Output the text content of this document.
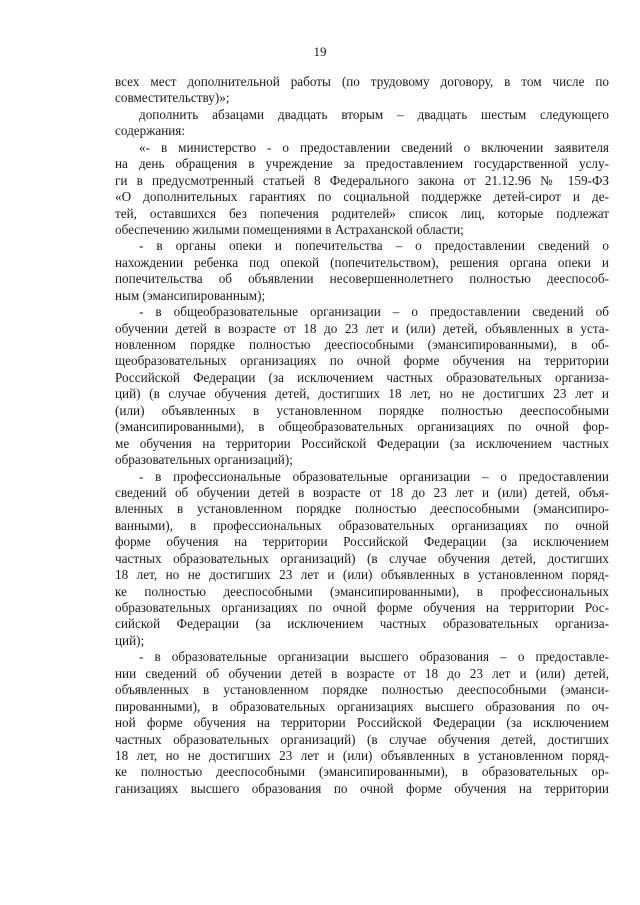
19
всех мест дополнительной работы (по трудовому договору, в том числе по
совместительству)»;
дополнить абзацами двадцать вторым – двадцать шестым следующего
содержания:
«- в министерство - о предоставлении сведений о включении заявителя
на день обращения в учреждение за предоставлением государственной услу-
ги в предусмотренный статьей 8 Федерального закона от 21.12.96 № 159-ФЗ
«О дополнительных гарантиях по социальной поддержке детей-сирот и де-
тей, оставшихся без попечения родителей» список лиц, которые подлежат
обеспечению жилыми помещениями в Астраханской области;
- в органы опеки и попечительства – о предоставлении сведений о
нахождении ребенка под опекой (попечительством), решения органа опеки и
попечительства об объявлении несовершеннолетнего полностью дееспособ-
ным (эмансипированным);
- в общеобразовательные организации – о предоставлении сведений об
обучении детей в возрасте от 18 до 23 лет и (или) детей, объявленных в уста-
новленном порядке полностью дееспособными (эмансипированными), в об-
щеобразовательных организациях по очной форме обучения на территории
Российской Федерации (за исключением частных образовательных организа-
ций) (в случае обучения детей, достигших 18 лет, но не достигших 23 лет и
(или) объявленных в установленном порядке полностью дееспособными
(эмансипированными), в общеобразовательных организациях по очной фор-
ме обучения на территории Российской Федерации (за исключением частных
образовательных организаций);
- в профессиональные образовательные организации – о предоставлении
сведений об обучении детей в возрасте от 18 до 23 лет и (или) детей, объя-
вленных в установленном порядке полностью дееспособными (эмансипиро-
ванными), в профессиональных образовательных организациях по очной
форме обучения на территории Российской Федерации (за исключением
частных образовательных организаций) (в случае обучения детей, достигших
18 лет, но не достигших 23 лет и (или) объявленных в установленном поряд-
ке полностью дееспособными (эмансипированными), в профессиональных
образовательных организациях по очной форме обучения на территории Рос-
сийской Федерации (за исключением частных образовательных организа-
ций);
- в образовательные организации высшего образования – о предоставле-
нии сведений об обучении детей в возрасте от 18 до 23 лет и (или) детей,
объявленных в установленном порядке полностью дееспособными (эманси-
пированными), в образовательных организациях высшего образования по оч-
ной форме обучения на территории Российской Федерации (за исключением
частных образовательных организаций) (в случае обучения детей, достигших
18 лет, но не достигших 23 лет и (или) объявленных в установленном поряд-
ке полностью дееспособными (эмансипированными), в образовательных ор-
ганизациях высшего образования по очной форме обучения на территории
